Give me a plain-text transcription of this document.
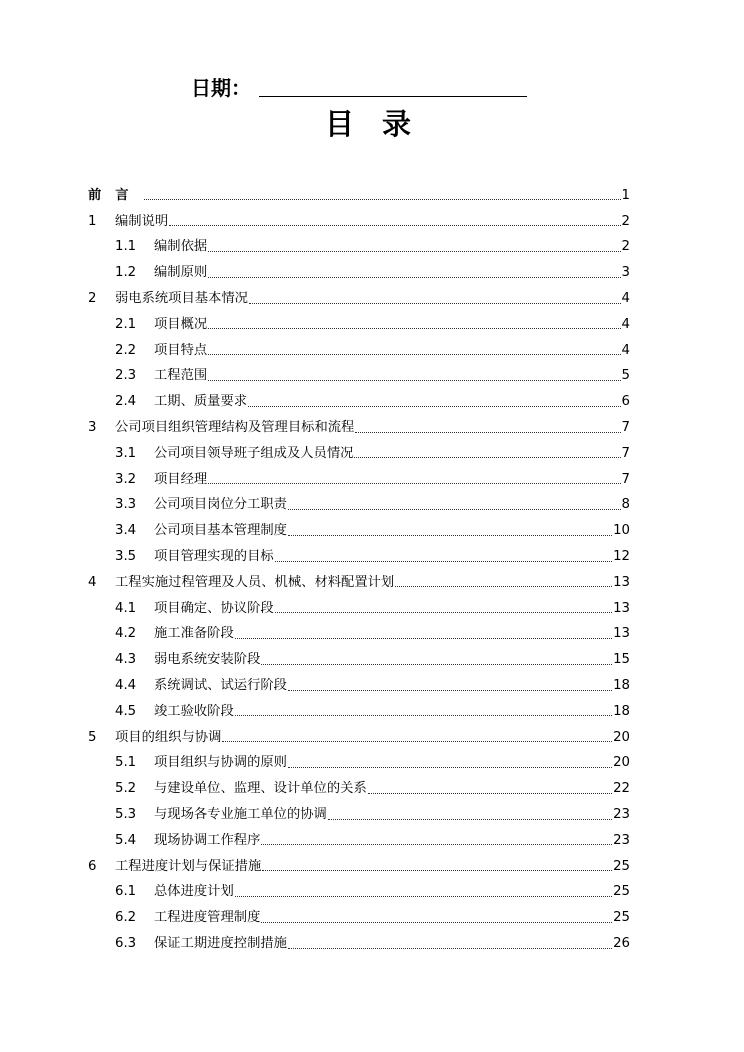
日期：
目录
前言	1
1	编制说明	2
1.1	编制依据	2
1.2	编制原则	3
2	弱电系统项目基本情况	4
2.1	项目概况	4
2.2	项目特点	4
2.3	工程范围	5
2.4	工期、质量要求	6
3	公司项目组织管理结构及管理目标和流程	7
3.1	公司项目领导班子组成及人员情况	7
3.2	项目经理	7
3.3	公司项目岗位分工职责	8
3.4	公司项目基本管理制度	10
3.5	项目管理实现的目标	12
4	工程实施过程管理及人员、机械、材料配置计划	13
4.1	项目确定、协议阶段	13
4.2	施工准备阶段	13
4.3	弱电系统安装阶段	15
4.4	系统调试、试运行阶段	18
4.5	竣工验收阶段	18
5	项目的组织与协调	20
5.1	项目组织与协调的原则	20
5.2	与建设单位、监理、设计单位的关系	22
5.3	与现场各专业施工单位的协调	23
5.4	现场协调工作程序	23
6	工程进度计划与保证措施	25
6.1	总体进度计划	25
6.2	工程进度管理制度	25
6.3	保证工期进度控制措施	26
